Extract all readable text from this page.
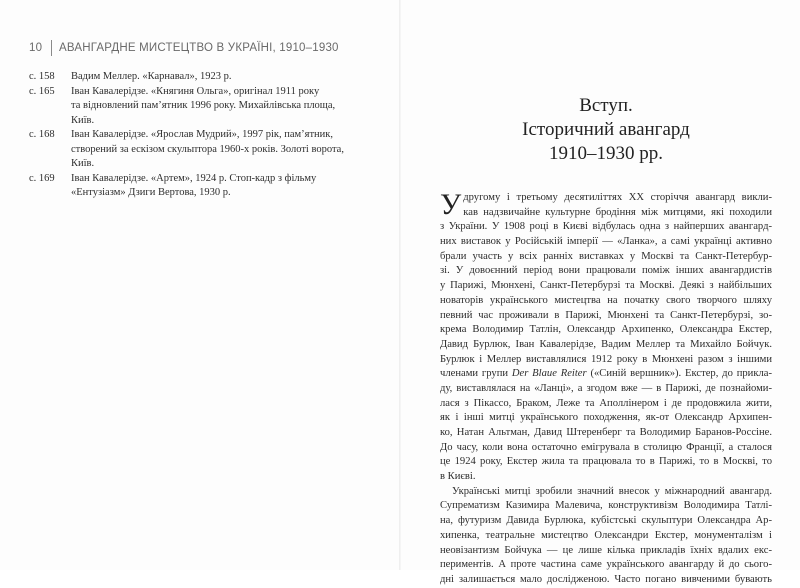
10	АВАНГАРДНЕ МИСТЕЦТВО В УКРАЇНІ, 1910–1930
с. 158	Вадим Меллер. «Карнавал», 1923 р.
с. 165	Іван Кавалерідзе. «Княгиня Ольга», оригінал 1911 року
та відновлений пам’ятник 1996 року. Михайлівська площа,
Київ.
с. 168	Іван Кавалерідзе. «Ярослав Мудрий», 1997 рік, пам’ятник,
створений за ескізом скульптора 1960-х років. Золоті ворота,
Київ.
с. 169	Іван Кавалерідзе. «Артем», 1924 р. Стоп-кадр з фільму
«Ентузіазм» Дзиги Вертова, 1930 р.
Вступ.
Історичний авангард
1910–1930 рр.
У другому і третьому десятиліттях XX сторіччя авангард викли-
кав надзвичайне культурне бродіння між митцями, які походили
з України. У 1908 році в Києві відбулась одна з найперших авангард-
них виставок у Російській імперії — «Ланка», а самі українці активно
брали участь у всіх ранніх виставках у Москві та Санкт-Петербур-
зі. У довоєнний період вони працювали поміж інших авангардистів
у Парижі, Мюнхені, Санкт-Петербурзі та Москві. Деякі з найбільших
новаторів українського мистецтва на початку свого творчого шляху
певний час проживали в Парижі, Мюнхені та Санкт-Петербурзі, зо-
крема Володимир Татлін, Олександр Архипенко, Олександра Екстер,
Давид Бурлюк, Іван Кавалерідзе, Вадим Меллер та Михайло Бойчук.
Бурлюк і Меллер виставлялися 1912 року в Мюнхені разом з іншими
членами групи Der Blaue Reiter («Синій вершник»). Екстер, до прикла-
ду, виставлялася на «Ланці», а згодом вже — в Парижі, де познайоми-
лася з Пікассо, Браком, Леже та Аполлінером і де продовжила жити,
як і інші митці українського походження, як-от Олександр Архипен-
ко, Натан Альтман, Давид Штеренберг та Володимир Баранов-Россіне.
До часу, коли вона остаточно емігрувала в столицю Франції, а сталося
це 1924 року, Екстер жила та працювала то в Парижі, то в Москві, то
в Києві.
Українські митці зробили значний внесок у міжнародний авангард.
Супрематизм Казимира Малевича, конструктивізм Володимира Татлі-
на, футуризм Давида Бурлюка, кубістські скульптури Олександра Ар-
хипенка, театральне мистецтво Олександри Екстер, монументалізм і
неовізантизм Бойчука — це лише кілька прикладів їхніх вдалих екс-
периментів. А проте частина саме українського авангарду й до сього-
дні залишається мало дослідженою. Часто погано вивченими бувають
